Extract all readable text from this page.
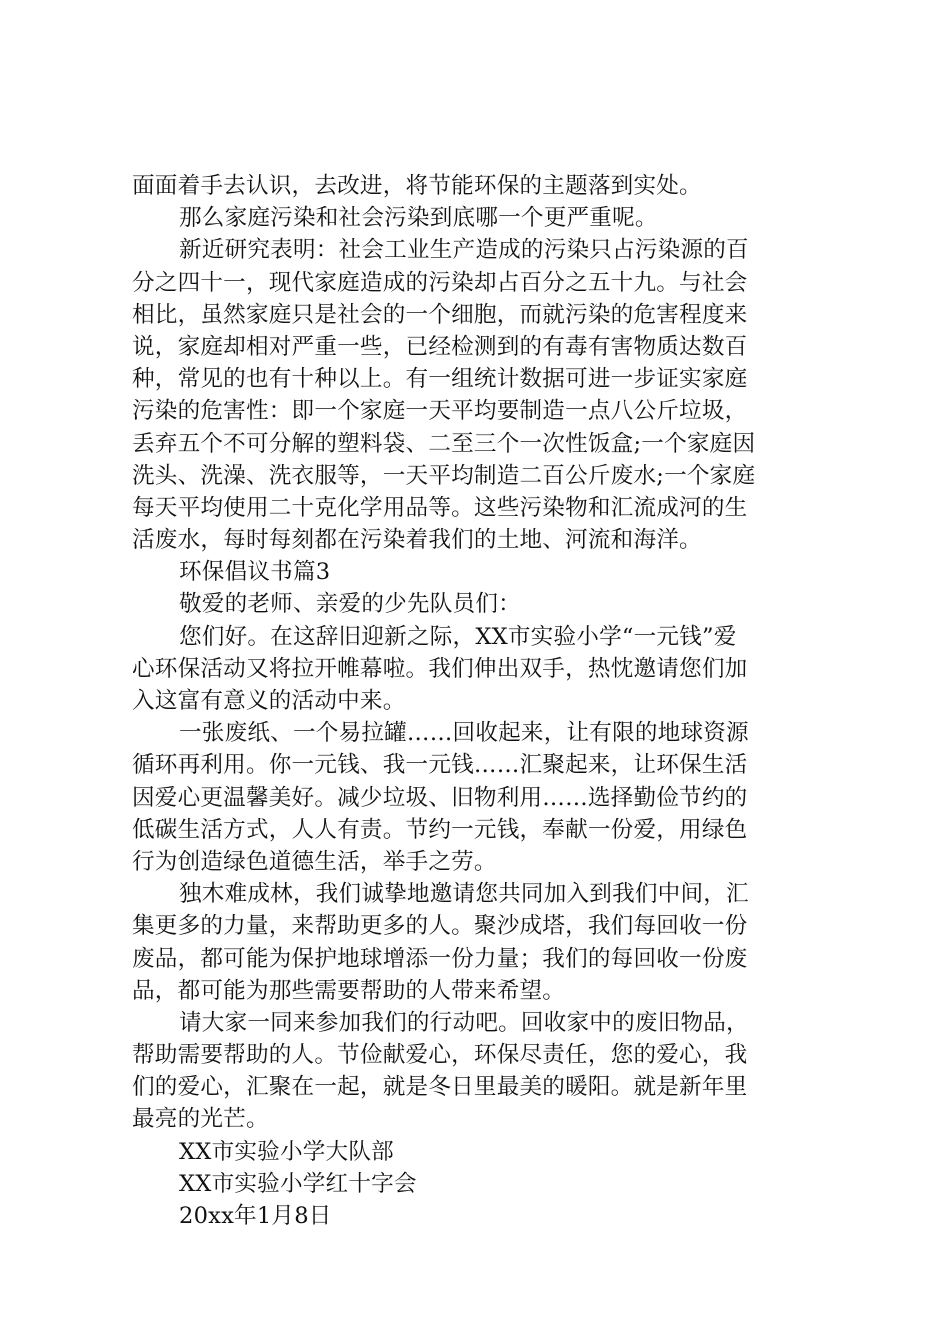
面面着手去认识，去改进，将节能环保的主题落到实处。
那么家庭污染和社会污染到底哪一个更严重呢。
新近研究表明：社会工业生产造成的污染只占污染源的百
分之四十一，现代家庭造成的污染却占百分之五十九。与社会
相比，虽然家庭只是社会的一个细胞，而就污染的危害程度来
说，家庭却相对严重一些，已经检测到的有毒有害物质达数百
种，常见的也有十种以上。有一组统计数据可进一步证实家庭
污染的危害性：即一个家庭一天平均要制造一点八公斤垃圾，
丢弃五个不可分解的塑料袋、二至三个一次性饭盒;一个家庭因
洗头、洗澡、洗衣服等，一天平均制造二百公斤废水;一个家庭
每天平均使用二十克化学用品等。这些污染物和汇流成河的生
活废水，每时每刻都在污染着我们的土地、河流和海洋。
环保倡议书篇3
敬爱的老师、亲爱的少先队员们：
您们好。在这辞旧迎新之际，XX市实验小学“一元钱”爱
心环保活动又将拉开帷幕啦。我们伸出双手，热忱邀请您们加
入这富有意义的活动中来。
一张废纸、一个易拉罐……回收起来，让有限的地球资源
循环再利用。你一元钱、我一元钱……汇聚起来，让环保生活
因爱心更温馨美好。减少垃圾、旧物利用……选择勤俭节约的
低碳生活方式，人人有责。节约一元钱，奉献一份爱，用绿色
行为创造绿色道德生活，举手之劳。
独木难成林，我们诚挚地邀请您共同加入到我们中间，汇
集更多的力量，来帮助更多的人。聚沙成塔，我们每回收一份
废品，都可能为保护地球增添一份力量；我们的每回收一份废
品，都可能为那些需要帮助的人带来希望。
请大家一同来参加我们的行动吧。回收家中的废旧物品，
帮助需要帮助的人。节俭献爱心，环保尽责任，您的爱心，我
们的爱心，汇聚在一起，就是冬日里最美的暖阳。就是新年里
最亮的光芒。
XX市实验小学大队部
XX市实验小学红十字会
20xx年1月8日
